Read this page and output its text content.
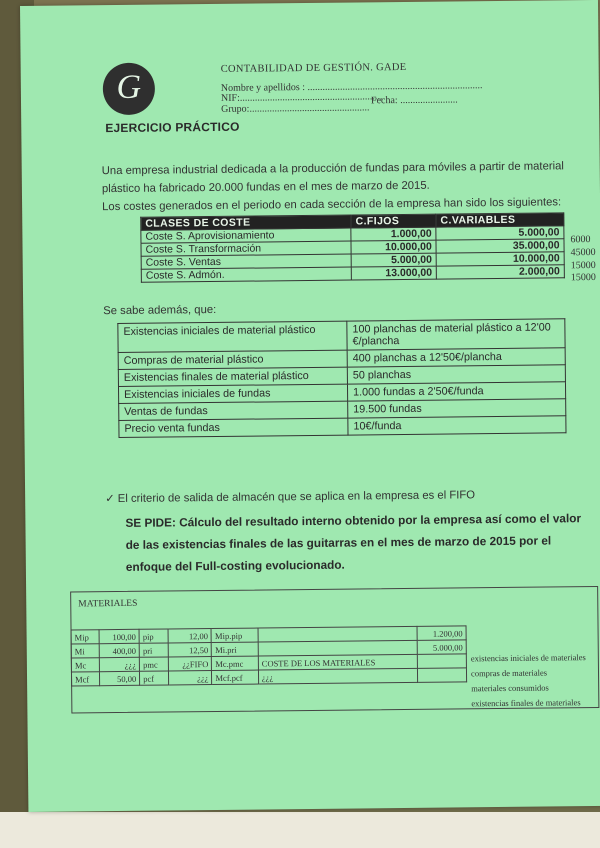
G
CONTABILIDAD DE GESTIÓN. GADE
Nombre y apellidos : ......................................................................
NIF:.........................................................
Fecha: .......................
Grupo:................................................
EJERCICIO PRÁCTICO
Una empresa industrial dedicada a la producción de fundas para móviles a partir de material
plástico ha fabricado 20.000 fundas en el mes de marzo de 2015.
Los costes generados en el periodo en cada sección de la empresa han sido los siguientes:
CLASES DE COSTE	C.FIJOS	C.VARIABLES
Coste S. Aprovisionamiento	1.000,00	5.000,00
Coste S. Transformación	10.000,00	35.000,00
Coste S. Ventas	5.000,00	10.000,00
Coste S. Admón.	13.000,00	2.000,00
6000
45000
15000
15000
Se sabe además, que:
Existencias iniciales de material plástico	100 planchas de material plástico a 12'00 €/plancha
Compras de material plástico	400 planchas a 12'50€/plancha
Existencias finales de material plástico	50 planchas
Existencias iniciales de fundas	1.000 fundas a 2'50€/funda
Ventas de fundas	19.500 fundas
Precio venta fundas	10€/funda
✓ El criterio de salida de almacén que se aplica en la empresa es el FIFO
SE PIDE: Cálculo del resultado interno obtenido por la empresa así como el valor de las existencias finales de las guitarras en el mes de marzo de 2015 por el enfoque del Full-costing evolucionado.
MATERIALES
Mip	100,00	pip	12,00	Mip.pip		1.200,00
Mi	400,00	pri	12,50	Mi.pri		5.000,00
Mc	¿¿¿	pmc	¿¿FIFO	Mc.pmc	COSTE DE LOS MATERIALES	
Mcf	50,00	pcf	¿¿¿	Mcf.pcf	¿¿¿	
existencias iniciales de materiales
compras de materiales
materiales consumidos
existencias finales de materiales
